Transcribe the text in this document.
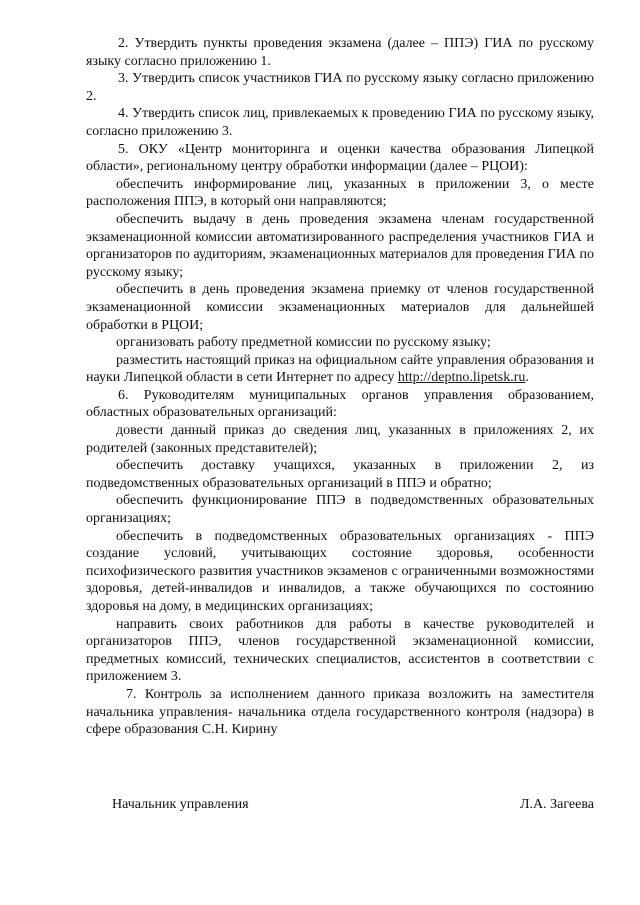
2. Утвердить пункты проведения экзамена (далее – ППЭ) ГИА по русскому языку согласно приложению 1.

3. Утвердить список участников ГИА по русскому языку согласно приложению 2.

4. Утвердить список лиц, привлекаемых к проведению ГИА по русскому языку, согласно приложению 3.

5. ОКУ «Центр мониторинга и оценки качества образования Липецкой области», региональному центру обработки информации (далее – РЦОИ):

обеспечить информирование лиц, указанных в приложении 3, о месте расположения ППЭ, в который они направляются;

обеспечить выдачу в день проведения экзамена членам государственной экзаменационной комиссии автоматизированного распределения участников ГИА и организаторов по аудиториям, экзаменационных материалов для проведения ГИА по русскому языку;

обеспечить в день проведения экзамена приемку от членов государственной экзаменационной комиссии экзаменационных материалов для дальнейшей обработки в РЦОИ;

организовать работу предметной комиссии по русскому языку;

разместить настоящий приказ на официальном сайте управления образования и науки Липецкой области в сети Интернет по адресу http://deptno.lipetsk.ru.

6. Руководителям муниципальных органов управления образованием, областных образовательных организаций:

довести данный приказ до сведения лиц, указанных в приложениях 2, их родителей (законных представителей);

обеспечить доставку учащихся, указанных в приложении 2, из подведомственных образовательных организаций в ППЭ и обратно;

обеспечить функционирование ППЭ в подведомственных образовательных организациях;

обеспечить в подведомственных образовательных организациях - ППЭ создание условий, учитывающих состояние здоровья, особенности психофизического развития участников экзаменов с ограниченными возможностями здоровья, детей-инвалидов и инвалидов, а также обучающихся по состоянию здоровья на дому, в медицинских организациях;

направить своих работников для работы в качестве руководителей и организаторов ППЭ, членов государственной экзаменационной комиссии, предметных комиссий, технических специалистов, ассистентов в соответствии с приложением 3.

7. Контроль за исполнением данного приказа возложить на заместителя начальника управления- начальника отдела государственного контроля (надзора) в сфере образования С.Н. Кирину

Начальник управления	Л.А. Загеева
